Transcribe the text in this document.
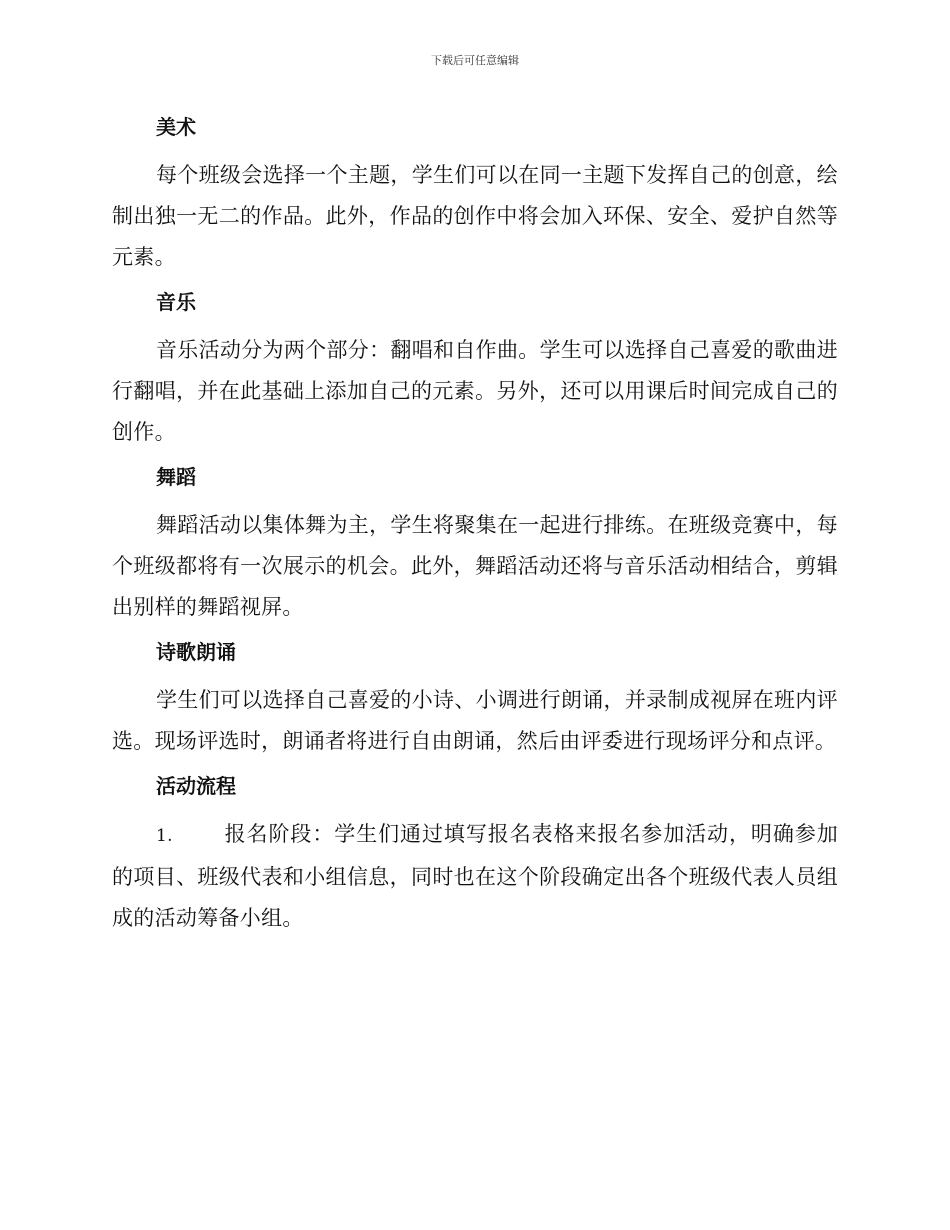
下载后可任意编辑
美术

每个班级会选择一个主题，学生们可以在同一主题下发挥自己的创意，绘制出独一无二的作品。此外，作品的创作中将会加入环保、安全、爱护自然等元素。

音乐

音乐活动分为两个部分：翻唱和自作曲。学生可以选择自己喜爱的歌曲进行翻唱，并在此基础上添加自己的元素。另外，还可以用课后时间完成自己的创作。

舞蹈

舞蹈活动以集体舞为主，学生将聚集在一起进行排练。在班级竞赛中，每个班级都将有一次展示的机会。此外，舞蹈活动还将与音乐活动相结合，剪辑出别样的舞蹈视屏。

诗歌朗诵

学生们可以选择自己喜爱的小诗、小调进行朗诵，并录制成视屏在班内评选。现场评选时，朗诵者将进行自由朗诵，然后由评委进行现场评分和点评。

活动流程

1. 报名阶段：学生们通过填写报名表格来报名参加活动，明确参加的项目、班级代表和小组信息，同时也在这个阶段确定出各个班级代表人员组成的活动筹备小组。
